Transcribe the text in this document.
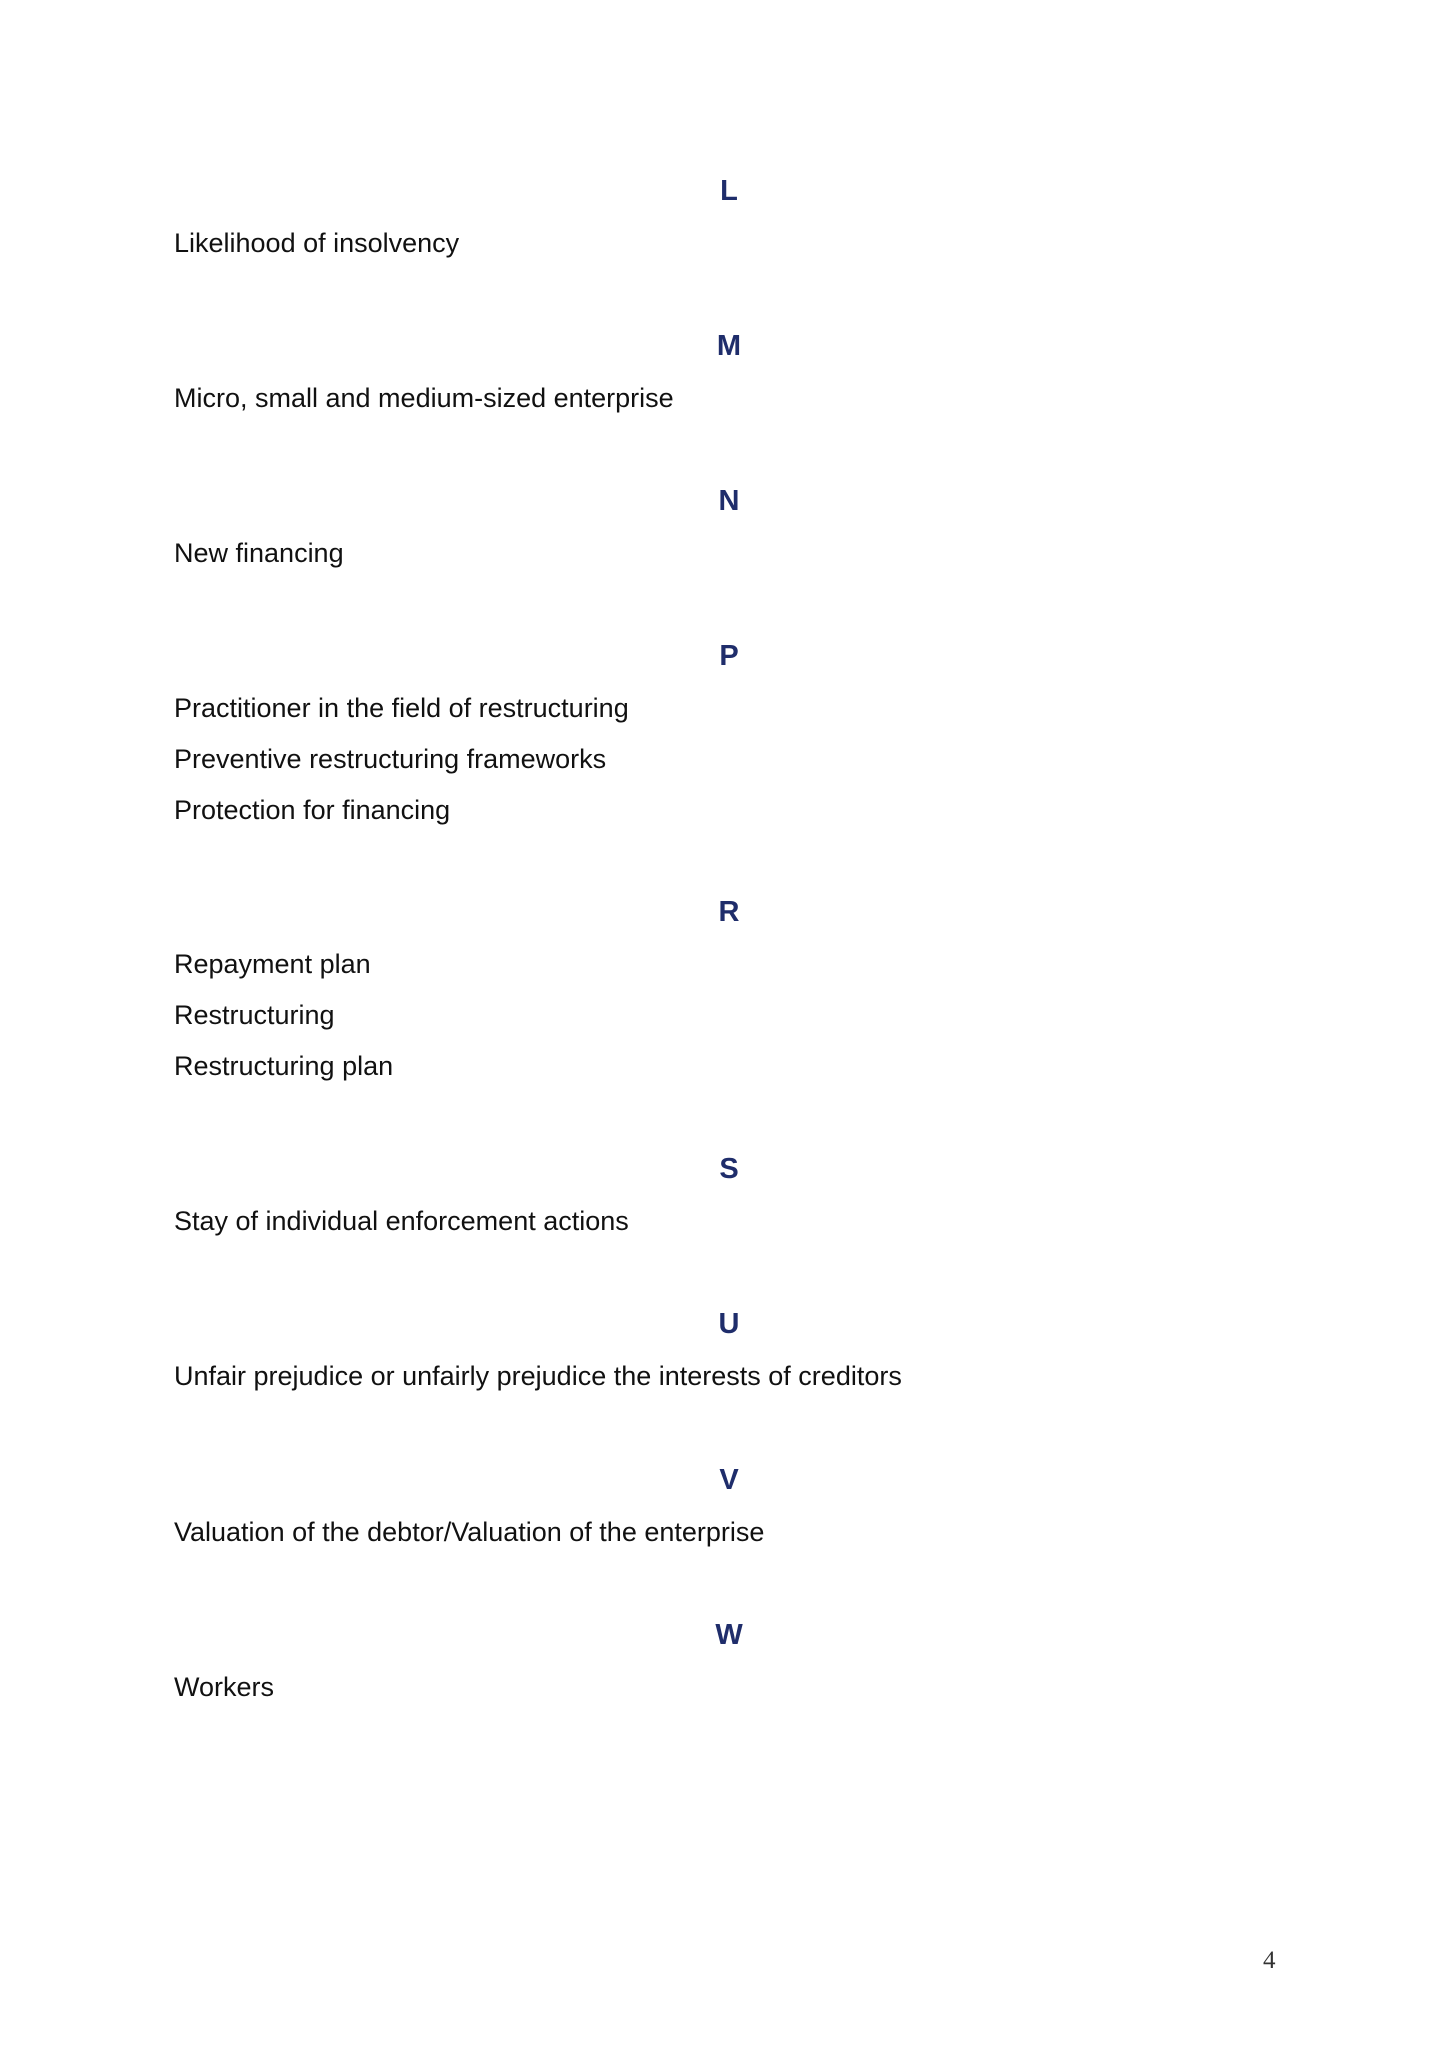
L
Likelihood of insolvency
M
Micro, small and medium-sized enterprise
N
New financing
P
Practitioner in the field of restructuring
Preventive restructuring frameworks
Protection for financing
R
Repayment plan
Restructuring
Restructuring plan
S
Stay of individual enforcement actions
U
Unfair prejudice or unfairly prejudice the interests of creditors
V
Valuation of the debtor/Valuation of the enterprise
W
Workers
4
